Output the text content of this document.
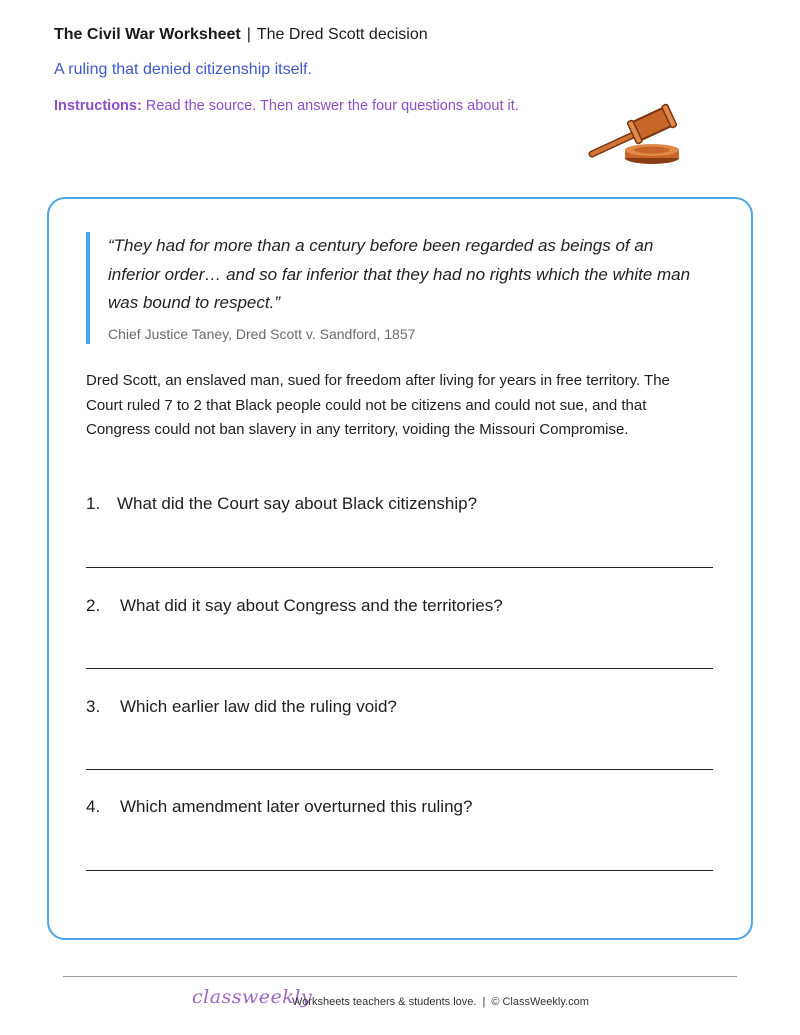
The Civil War Worksheet | The Dred Scott decision
A ruling that denied citizenship itself.
Instructions: Read the source. Then answer the four questions about it.
“They had for more than a century before been regarded as beings of an inferior order… and so far inferior that they had no rights which the white man was bound to respect.”
Chief Justice Taney, Dred Scott v. Sandford, 1857
Dred Scott, an enslaved man, sued for freedom after living for years in free territory. The Court ruled 7 to 2 that Black people could not be citizens and could not sue, and that Congress could not ban slavery in any territory, voiding the Missouri Compromise.
1. What did the Court say about Black citizenship?
2. What did it say about Congress and the territories?
3. Which earlier law did the ruling void?
4. Which amendment later overturned this ruling?
classweekly
Worksheets teachers & students love. | © ClassWeekly.com
